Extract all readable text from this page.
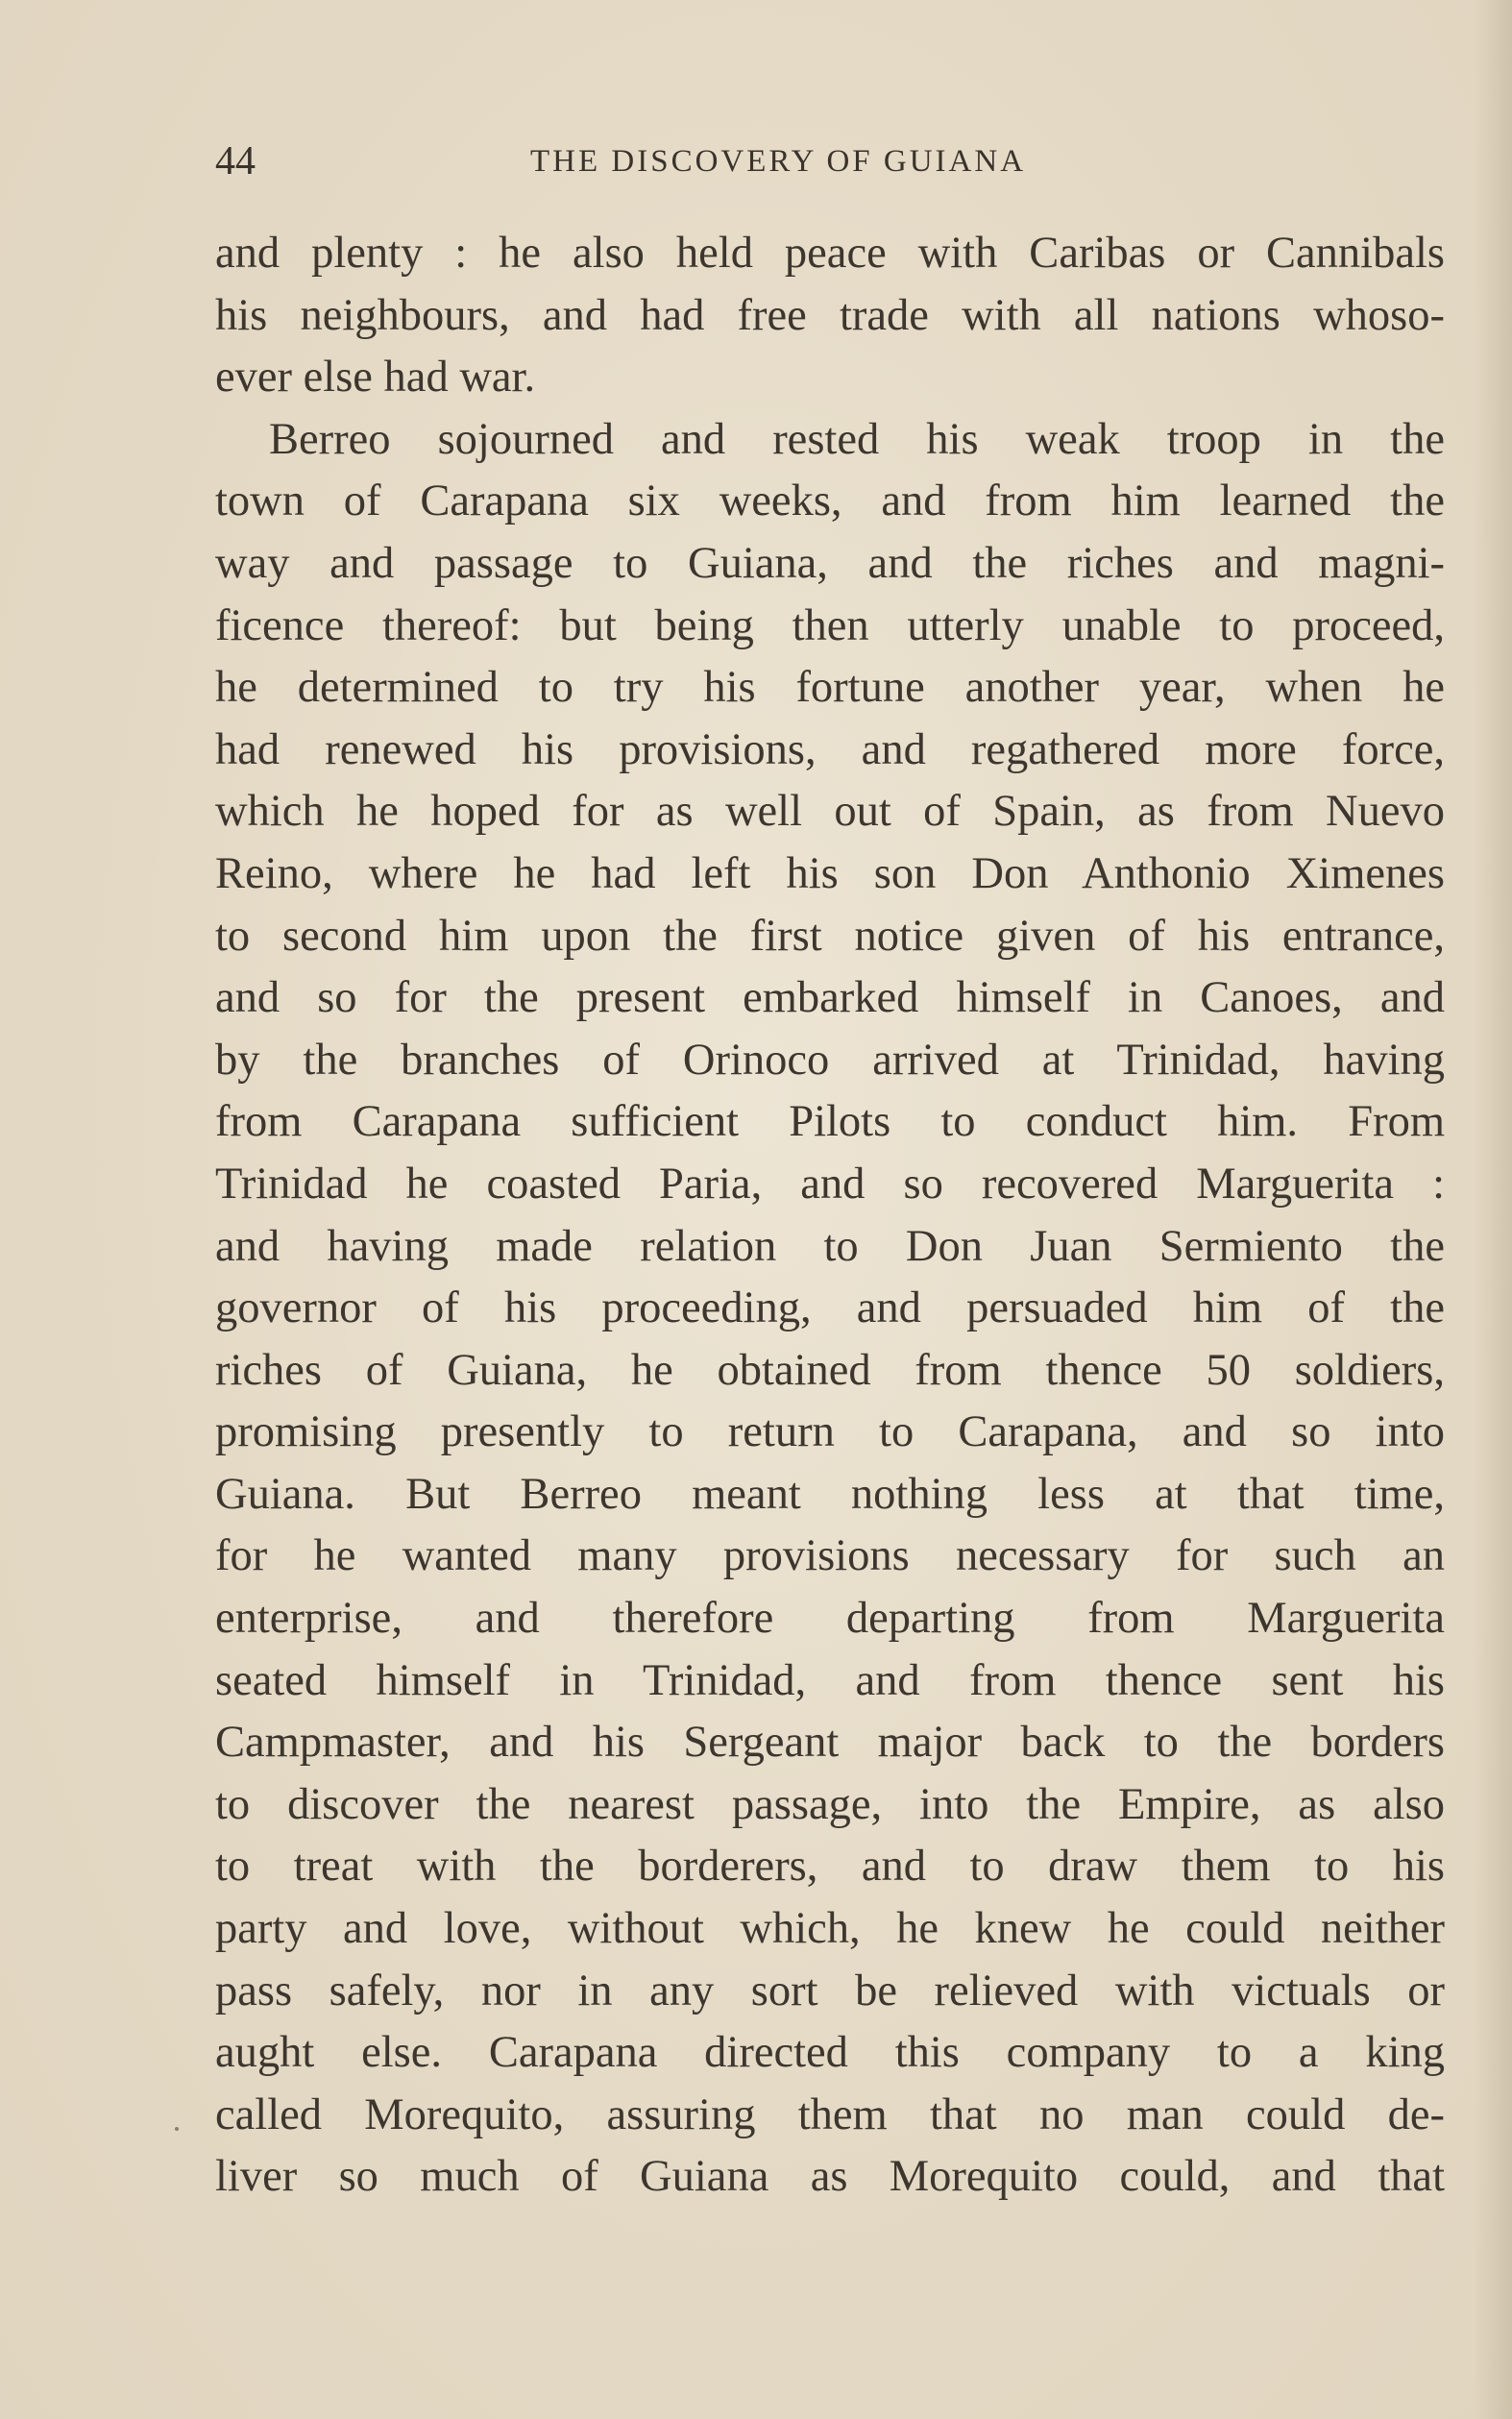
44	THE DISCOVERY OF GUIANA
and plenty : he also held peace with Caribas or Cannibals
his neighbours, and had free trade with all nations whoso-
ever else had war.
Berreo sojourned and rested his weak troop in the
town of Carapana six weeks, and from him learned the
way and passage to Guiana, and the riches and magni-
ficence thereof: but being then utterly unable to proceed,
he determined to try his fortune another year, when he
had renewed his provisions, and regathered more force,
which he hoped for as well out of Spain, as from Nuevo
Reino, where he had left his son Don Anthonio Ximenes
to second him upon the first notice given of his entrance,
and so for the present embarked himself in Canoes, and
by the branches of Orinoco arrived at Trinidad, having
from Carapana sufficient Pilots to conduct him. From
Trinidad he coasted Paria, and so recovered Marguerita :
and having made relation to Don Juan Sermiento the
governor of his proceeding, and persuaded him of the
riches of Guiana, he obtained from thence 50 soldiers,
promising presently to return to Carapana, and so into
Guiana. But Berreo meant nothing less at that time,
for he wanted many provisions necessary for such an
enterprise, and therefore departing from Marguerita
seated himself in Trinidad, and from thence sent his
Campmaster, and his Sergeant major back to the borders
to discover the nearest passage, into the Empire, as also
to treat with the borderers, and to draw them to his
party and love, without which, he knew he could neither
pass safely, nor in any sort be relieved with victuals or
aught else. Carapana directed this company to a king
called Morequito, assuring them that no man could de-
liver so much of Guiana as Morequito could, and that
